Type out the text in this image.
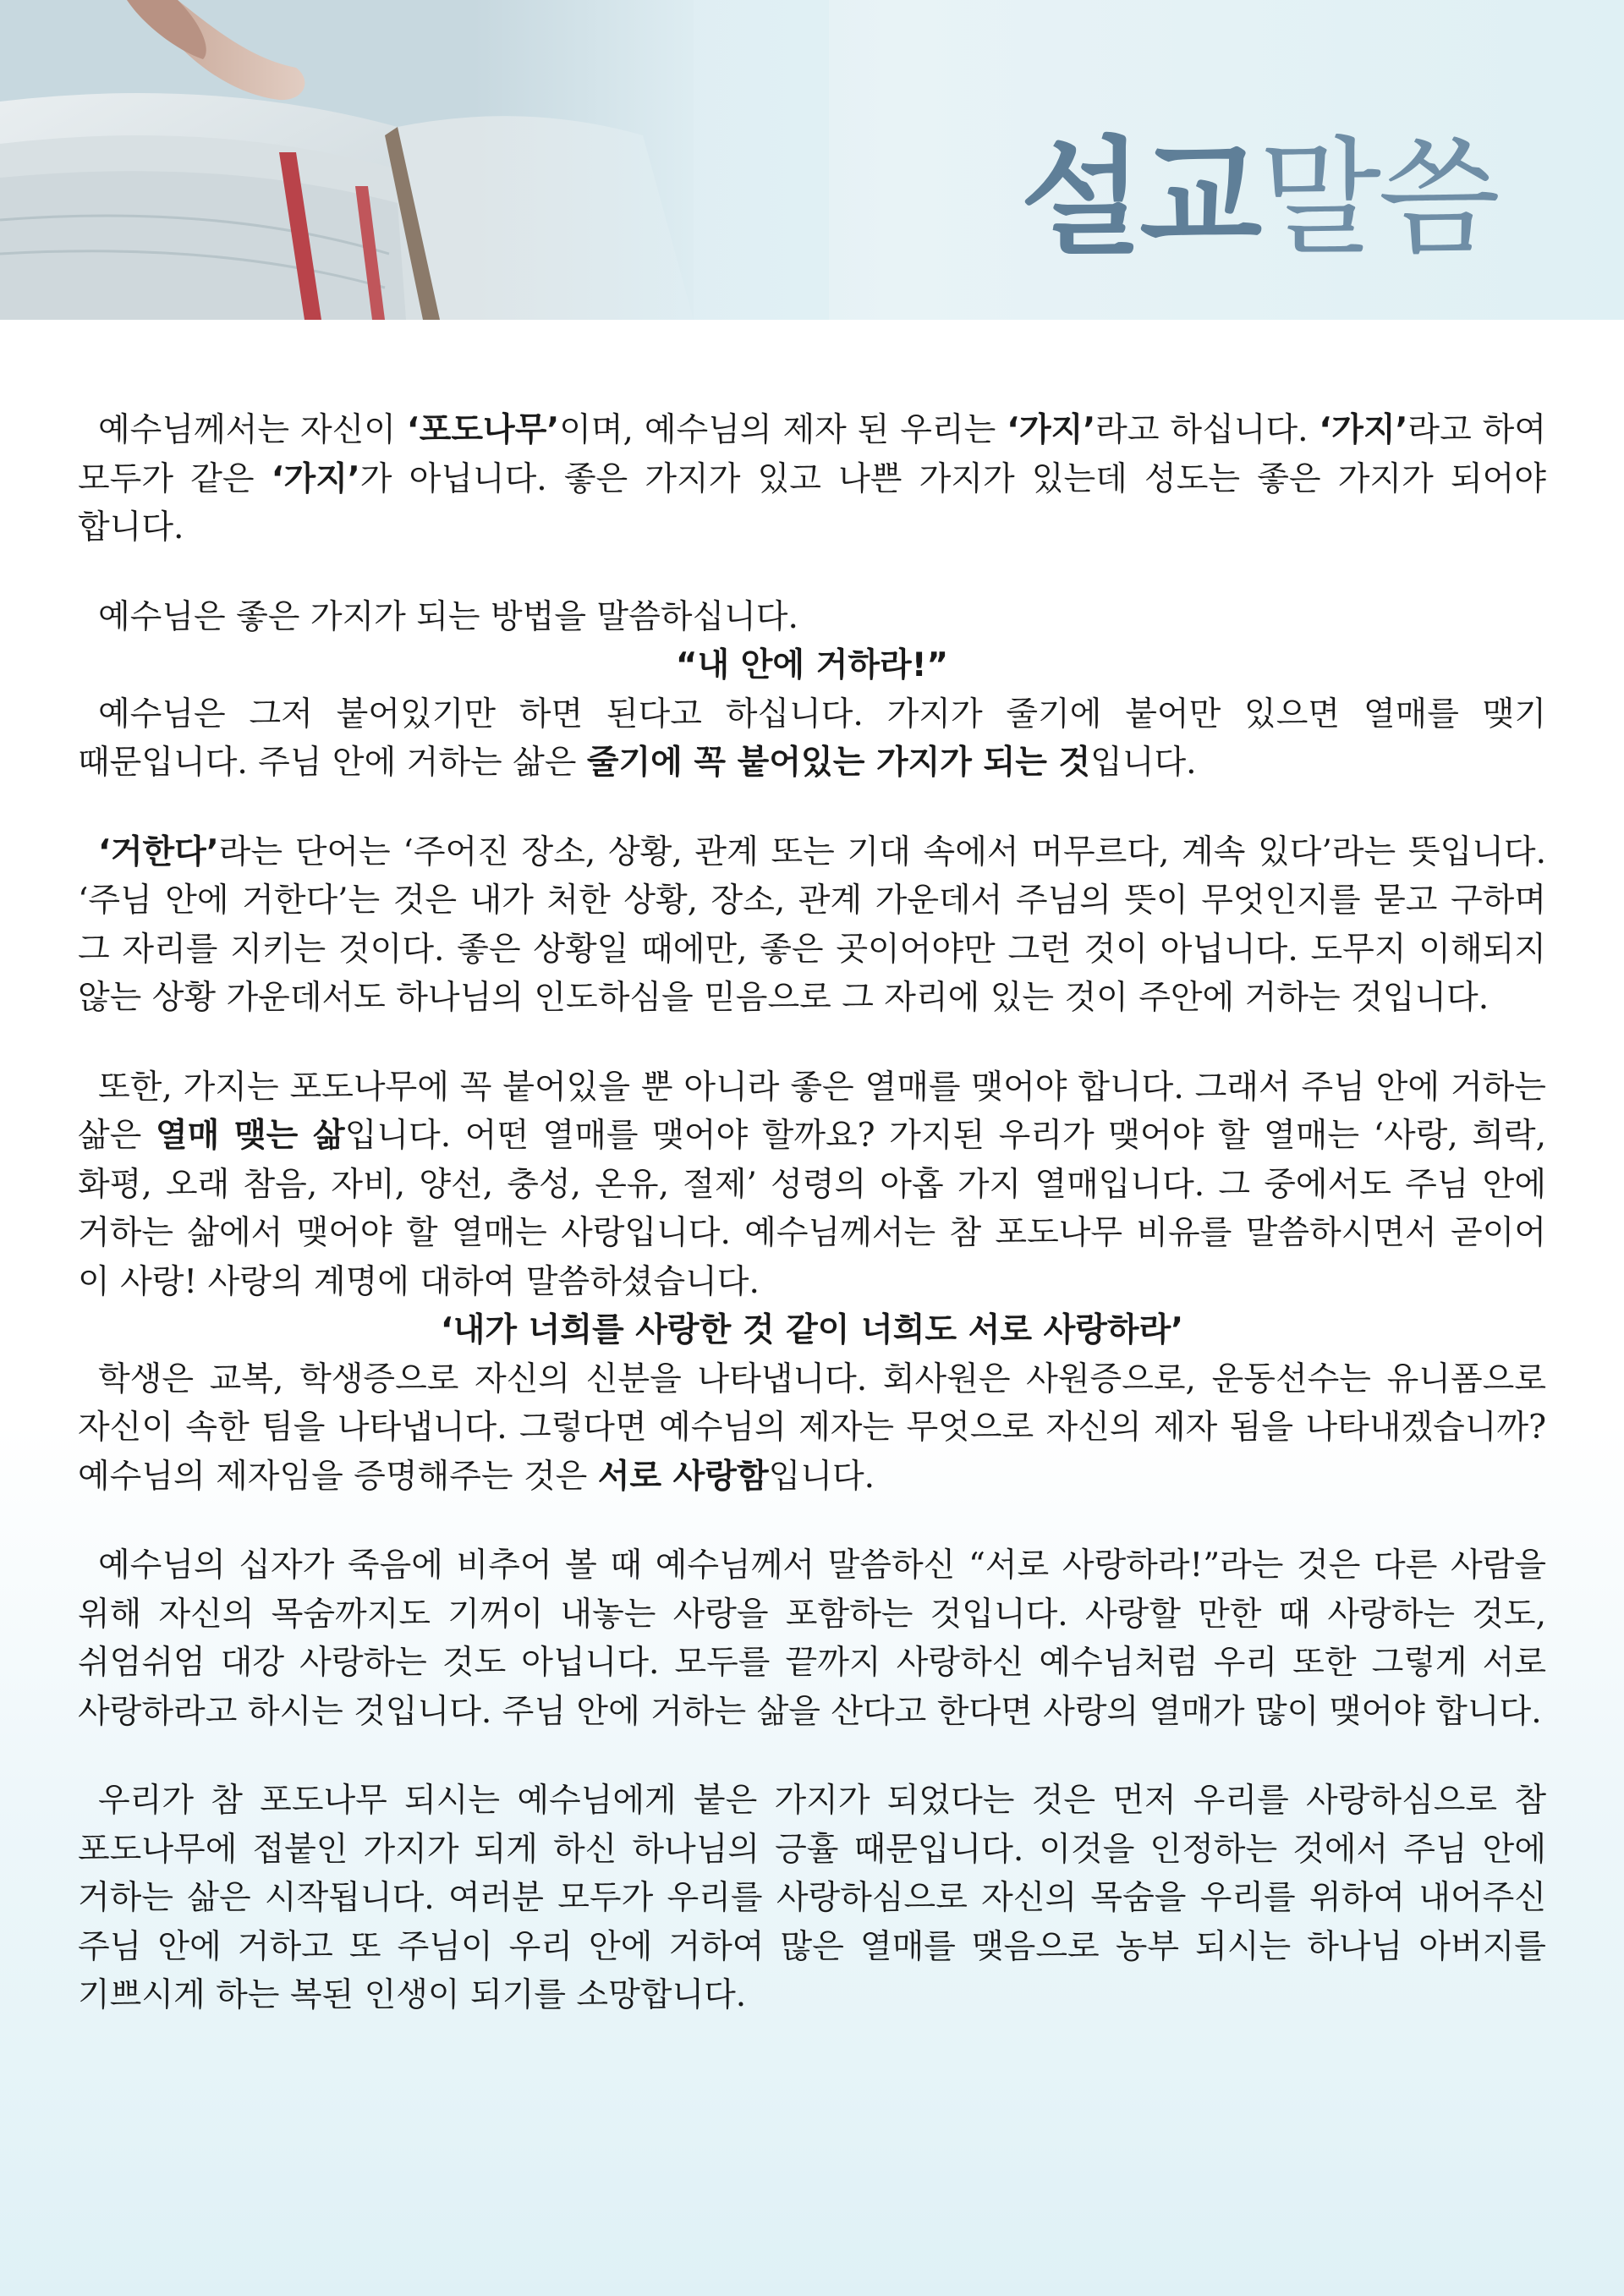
설교말씀

예수님께서는 자신이 ‘포도나무’이며, 예수님의 제자 된 우리는 ‘가지’라고 하십니다. ‘가지’라고 하여 모두가 같은 ‘가지’가 아닙니다. 좋은 가지가 있고 나쁜 가지가 있는데 성도는 좋은 가지가 되어야 합니다.

예수님은 좋은 가지가 되는 방법을 말씀하십니다.

“내 안에 거하라!”

예수님은 그저 붙어있기만 하면 된다고 하십니다. 가지가 줄기에 붙어만 있으면 열매를 맺기 때문입니다. 주님 안에 거하는 삶은 줄기에 꼭 붙어있는 가지가 되는 것입니다.

‘거한다’라는 단어는 ‘주어진 장소, 상황, 관계 또는 기대 속에서 머무르다, 계속 있다’라는 뜻입니다. ‘주님 안에 거한다’는 것은 내가 처한 상황, 장소, 관계 가운데서 주님의 뜻이 무엇인지를 묻고 구하며 그 자리를 지키는 것이다. 좋은 상황일 때에만, 좋은 곳이어야만 그런 것이 아닙니다. 도무지 이해되지 않는 상황 가운데서도 하나님의 인도하심을 믿음으로 그 자리에 있는 것이 주안에 거하는 것입니다.

또한, 가지는 포도나무에 꼭 붙어있을 뿐 아니라 좋은 열매를 맺어야 합니다. 그래서 주님 안에 거하는 삶은 열매 맺는 삶입니다. 어떤 열매를 맺어야 할까요? 가지된 우리가 맺어야 할 열매는 ‘사랑, 희락, 화평, 오래 참음, 자비, 양선, 충성, 온유, 절제’ 성령의 아홉 가지 열매입니다. 그 중에서도 주님 안에 거하는 삶에서 맺어야 할 열매는 사랑입니다. 예수님께서는 참 포도나무 비유를 말씀하시면서 곧이어 이 사랑! 사랑의 계명에 대하여 말씀하셨습니다.

‘내가 너희를 사랑한 것 같이 너희도 서로 사랑하라’

학생은 교복, 학생증으로 자신의 신분을 나타냅니다. 회사원은 사원증으로, 운동선수는 유니폼으로 자신이 속한 팀을 나타냅니다. 그렇다면 예수님의 제자는 무엇으로 자신의 제자 됨을 나타내겠습니까? 예수님의 제자임을 증명해주는 것은 서로 사랑함입니다.

예수님의 십자가 죽음에 비추어 볼 때 예수님께서 말씀하신 “서로 사랑하라!”라는 것은 다른 사람을 위해 자신의 목숨까지도 기꺼이 내놓는 사랑을 포함하는 것입니다. 사랑할 만한 때 사랑하는 것도, 쉬엄쉬엄 대강 사랑하는 것도 아닙니다. 모두를 끝까지 사랑하신 예수님처럼 우리 또한 그렇게 서로 사랑하라고 하시는 것입니다. 주님 안에 거하는 삶을 산다고 한다면 사랑의 열매가 많이 맺어야 합니다.

우리가 참 포도나무 되시는 예수님에게 붙은 가지가 되었다는 것은 먼저 우리를 사랑하심으로 참 포도나무에 접붙인 가지가 되게 하신 하나님의 긍휼 때문입니다. 이것을 인정하는 것에서 주님 안에 거하는 삶은 시작됩니다. 여러분 모두가 우리를 사랑하심으로 자신의 목숨을 우리를 위하여 내어주신 주님 안에 거하고 또 주님이 우리 안에 거하여 많은 열매를 맺음으로 농부 되시는 하나님 아버지를 기쁘시게 하는 복된 인생이 되기를 소망합니다.
